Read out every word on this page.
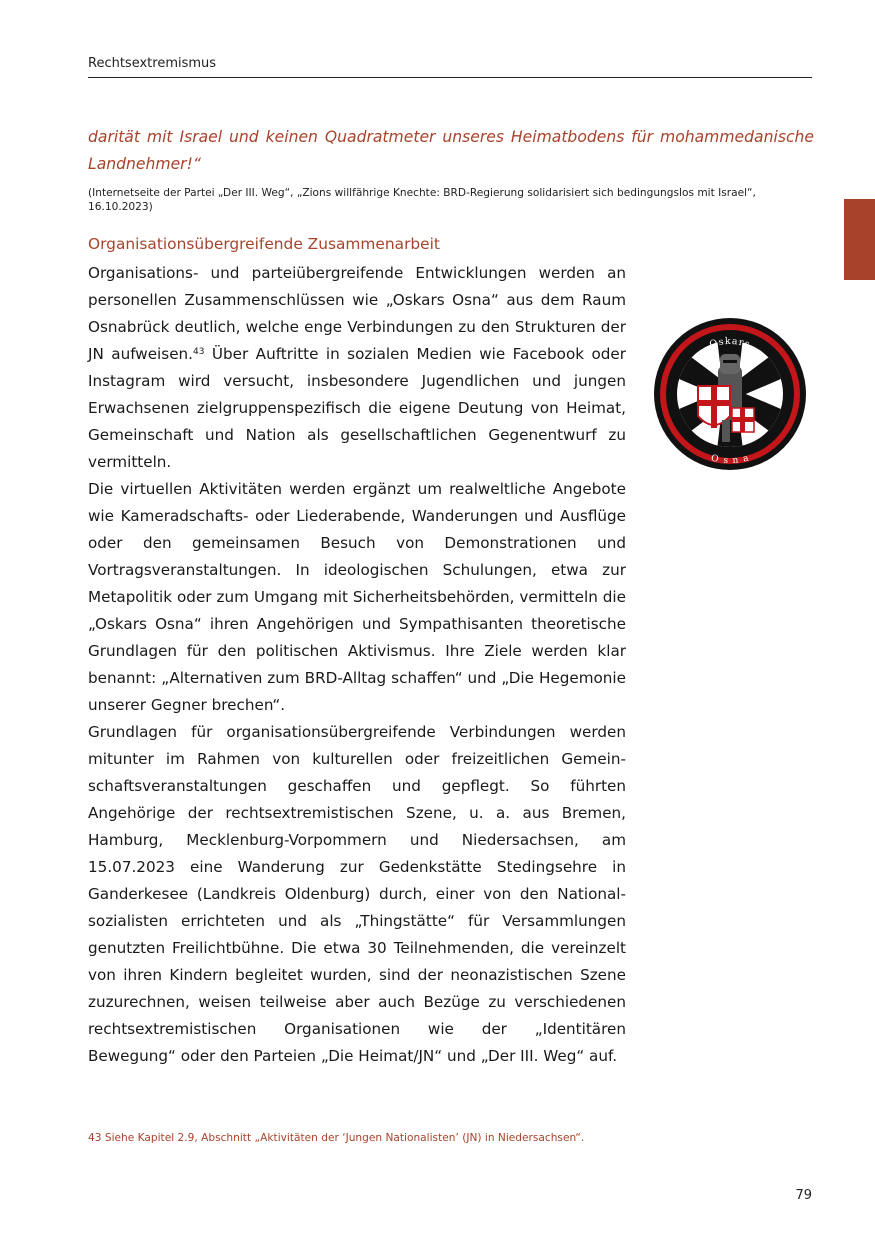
Rechtsextremismus
darität mit Israel und keinen Quadratmeter unseres Heimatbodens für mohammedanische Landnehmer!“
(Internetseite der Partei „Der III. Weg“, „Zions willfährige Knechte: BRD-Regierung solidarisiert sich bedingungslos mit Israel“, 16.10.2023)
Organisationsübergreifende Zusammenarbeit

Organisations- und parteiübergreifende Entwicklungen werden an personellen Zusammenschlüssen wie „Oskars Osna“ aus dem Raum Osnabrück deutlich, welche enge Verbindungen zu den Strukturen der JN aufweisen.$^{43}$ Über Auftritte in sozialen Medien wie Facebook oder Instagram wird versucht, insbesondere Jugendlichen und jungen Erwachsenen zielgruppenspezifisch die eigene Deutung von Heimat, Gemeinschaft und Nation als gesellschaftlichen Gegenentwurf zu vermitteln.

Die virtuellen Aktivitäten werden ergänzt um realweltliche Angebote wie Kameradschafts- oder Liederabende, Wanderungen und Ausflüge oder den gemeinsamen Besuch von Demonstrationen und Vortragsveranstaltungen. In ideologischen Schulungen, etwa zur Metapolitik oder zum Umgang mit Sicherheitsbehörden, vermitteln die „Oskars Osna“ ihren Angehörigen und Sympathisanten theoretische Grundlagen für den politischen Aktivismus. Ihre Ziele werden klar benannt: „Alternativen zum BRD-Alltag schaffen“ und „Die Hegemonie unserer Gegner brechen“.

Grundlagen für organisationsübergreifende Verbindungen werden mitunter im Rahmen von kulturellen oder freizeitlichen Gemeinschaftsveranstaltungen geschaffen und gepflegt. So führten Angehörige der rechtsextremistischen Szene, u. a. aus Bremen, Hamburg, Mecklenburg-Vorpommern und Niedersachsen, am 15.07.2023 eine Wanderung zur Gedenkstätte Stedingsehre in Ganderkesee (Landkreis Oldenburg) durch, einer von den Nationalsozialisten errichteten und als „Thingstätte“ für Versammlungen genutzten Freilichtbühne. Die etwa 30 Teilnehmenden, die vereinzelt von ihren Kindern begleitet wurden, sind der neonazistischen Szene zuzurechnen, weisen teilweise aber auch Bezüge zu verschiedenen rechtsextremistischen Organisationen wie der „Identitären Bewegung“ oder den Parteien „Die Heimat/JN“ und „Der III. Weg“ auf.

Oskars
Osna
43 Siehe Kapitel 2.9, Abschnitt „Aktivitäten der ‘Jungen Nationalisten’ (JN) in Niedersachsen“.
79
